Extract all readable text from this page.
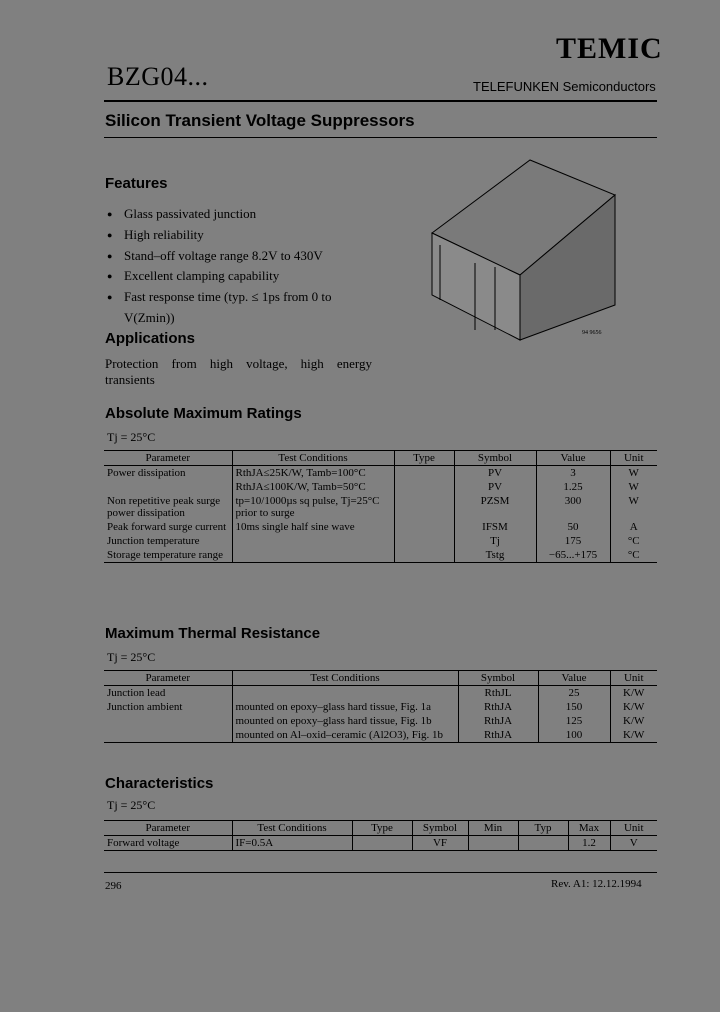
BZG04...
TEMIC
TELEFUNKEN Semiconductors
Silicon Transient Voltage Suppressors
Features
● Glass passivated junction
● High reliability
● Stand–off voltage range 8.2V to 430V
● Excellent clamping capability
● Fast response time (typ. ≤ 1ps from 0 to V(Zmin))
94 9656
Applications
Protection from high voltage, high energy transients
Absolute Maximum Ratings
Tj = 25°C
Parameter	Test Conditions	Type	Symbol	Value	Unit
Power dissipation	RthJA≤25K/W, Tamb=100°C		PV	3	W
	RthJA≤100K/W, Tamb=50°C		PV	1.25	W
Non repetitive peak surge power dissipation	tp=10/1000µs sq pulse, Tj=25°C prior to surge		PZSM	300	W
Peak forward surge current	10ms single half sine wave		IFSM	50	A
Junction temperature			Tj	175	°C
Storage temperature range			Tstg	−65...+175	°C
Maximum Thermal Resistance
Tj = 25°C
Parameter	Test Conditions	Symbol	Value	Unit
Junction lead		RthJL	25	K/W
Junction ambient	mounted on epoxy–glass hard tissue, Fig. 1a	RthJA	150	K/W
	mounted on epoxy–glass hard tissue, Fig. 1b	RthJA	125	K/W
	mounted on Al–oxid–ceramic (Al2O3), Fig. 1b	RthJA	100	K/W
Characteristics
Tj = 25°C
Parameter	Test Conditions	Type	Symbol	Min	Typ	Max	Unit
Forward voltage	IF=0.5A		VF			1.2	V
296	Rev. A1: 12.12.1994
